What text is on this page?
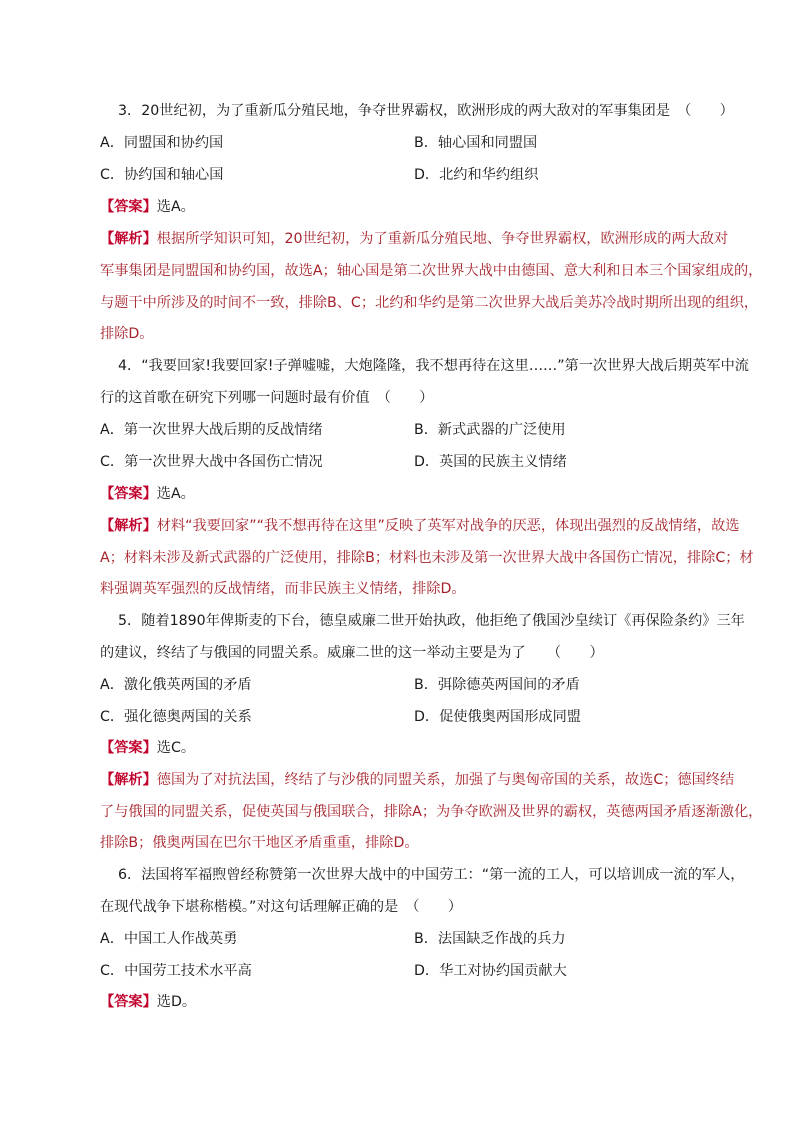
3．20世纪初，为了重新瓜分殖民地，争夺世界霸权，欧洲形成的两大敌对的军事集团是　（　　）
A．同盟国和协约国	B．轴心国和同盟国
C．协约国和轴心国	D．北约和华约组织
【答案】选A。
【解析】根据所学知识可知，20世纪初，为了重新瓜分殖民地、争夺世界霸权，欧洲形成的两大敌对
军事集团是同盟国和协约国，故选A；轴心国是第二次世界大战中由德国、意大利和日本三个国家组成的，
与题干中所涉及的时间不一致，排除B、C；北约和华约是第二次世界大战后美苏冷战时期所出现的组织，
排除D。
4．“我要回家!我要回家!子弹嘘嘘，大炮隆隆，我不想再待在这里……”第一次世界大战后期英军中流
行的这首歌在研究下列哪一问题时最有价值　（　　）
A．第一次世界大战后期的反战情绪	B．新式武器的广泛使用
C．第一次世界大战中各国伤亡情况	D．英国的民族主义情绪
【答案】选A。
【解析】材料“我要回家”“我不想再待在这里”反映了英军对战争的厌恶，体现出强烈的反战情绪，故选
A；材料未涉及新式武器的广泛使用，排除B；材料也未涉及第一次世界大战中各国伤亡情况，排除C；材
料强调英军强烈的反战情绪，而非民族主义情绪，排除D。
5．随着1890年俾斯麦的下台，德皇威廉二世开始执政，他拒绝了俄国沙皇续订《再保险条约》三年
的建议，终结了与俄国的同盟关系。威廉二世的这一举动主要是为了　　（　　）
A．激化俄英两国的矛盾	B．弭除德英两国间的矛盾
C．强化德奥两国的关系	D．促使俄奥两国形成同盟
【答案】选C。
【解析】德国为了对抗法国，终结了与沙俄的同盟关系，加强了与奥匈帝国的关系，故选C；德国终结
了与俄国的同盟关系，促使英国与俄国联合，排除A；为争夺欧洲及世界的霸权，英德两国矛盾逐渐激化，
排除B；俄奥两国在巴尔干地区矛盾重重，排除D。
6．法国将军福煦曾经称赞第一次世界大战中的中国劳工：“第一流的工人，可以培训成一流的军人，
在现代战争下堪称楷模。”对这句话理解正确的是　（　　）
A．中国工人作战英勇	B．法国缺乏作战的兵力
C．中国劳工技术水平高	D．华工对协约国贡献大
【答案】选D。
